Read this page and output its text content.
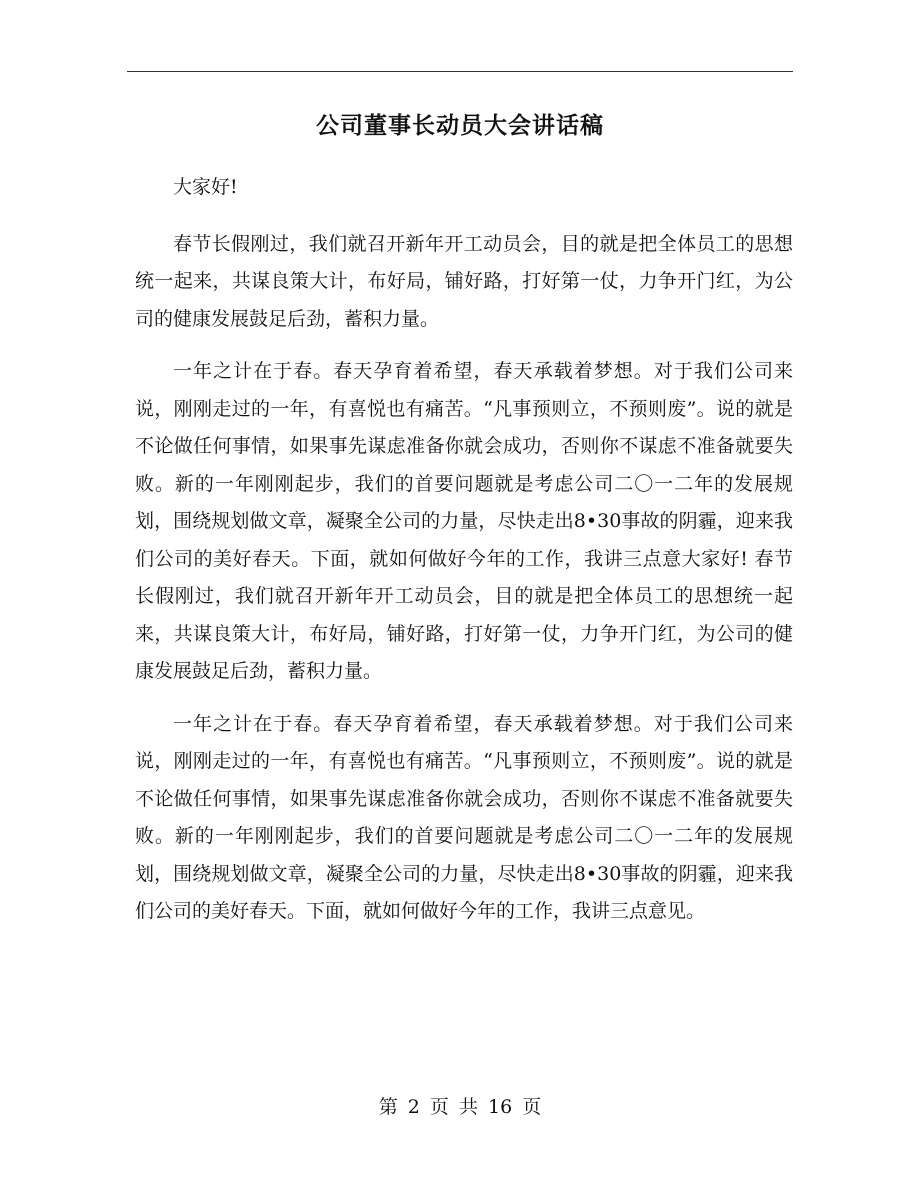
公司董事长动员大会讲话稿

大家好!

春节长假刚过，我们就召开新年开工动员会，目的就是把全体员工的思想统一起来，共谋良策大计，布好局，铺好路，打好第一仗，力争开门红，为公司的健康发展鼓足后劲，蓄积力量。

一年之计在于春。春天孕育着希望，春天承载着梦想。对于我们公司来说，刚刚走过的一年，有喜悦也有痛苦。“凡事预则立，不预则废”。说的就是不论做任何事情，如果事先谋虑准备你就会成功，否则你不谋虑不准备就要失败。新的一年刚刚起步，我们的首要问题就是考虑公司二〇一二年的发展规划，围绕规划做文章，凝聚全公司的力量，尽快走出8•30事故的阴霾，迎来我们公司的美好春天。下面，就如何做好今年的工作，我讲三点意大家好! 春节长假刚过，我们就召开新年开工动员会，目的就是把全体员工的思想统一起来，共谋良策大计，布好局，铺好路，打好第一仗，力争开门红，为公司的健康发展鼓足后劲，蓄积力量。

一年之计在于春。春天孕育着希望，春天承载着梦想。对于我们公司来说，刚刚走过的一年，有喜悦也有痛苦。“凡事预则立，不预则废”。说的就是不论做任何事情，如果事先谋虑准备你就会成功，否则你不谋虑不准备就要失败。新的一年刚刚起步，我们的首要问题就是考虑公司二〇一二年的发展规划，围绕规划做文章，凝聚全公司的力量，尽快走出8•30事故的阴霾，迎来我们公司的美好春天。下面，就如何做好今年的工作，我讲三点意见。

第 2 页 共 16 页
